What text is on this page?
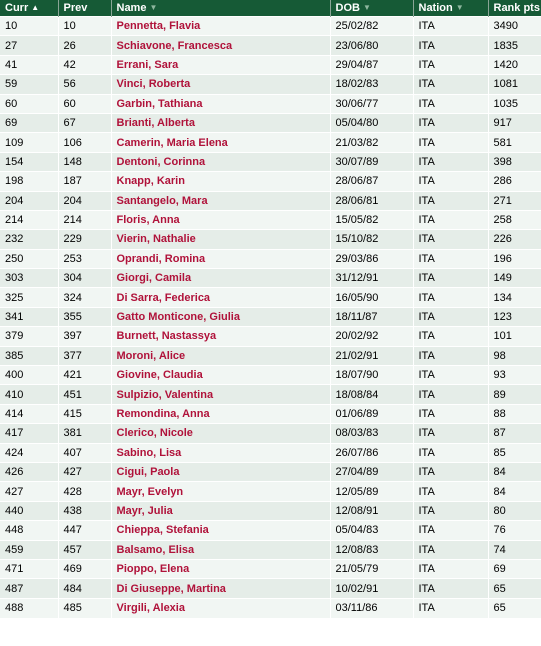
Curr ▲	Prev	Name ▼	DOB ▼	Nation ▼	Rank pts
10	10	Pennetta, Flavia	25/02/82	ITA	3490
27	26	Schiavone, Francesca	23/06/80	ITA	1835
41	42	Errani, Sara	29/04/87	ITA	1420
59	56	Vinci, Roberta	18/02/83	ITA	1081
60	60	Garbin, Tathiana	30/06/77	ITA	1035
69	67	Brianti, Alberta	05/04/80	ITA	917
109	106	Camerin, Maria Elena	21/03/82	ITA	581
154	148	Dentoni, Corinna	30/07/89	ITA	398
198	187	Knapp, Karin	28/06/87	ITA	286
204	204	Santangelo, Mara	28/06/81	ITA	271
214	214	Floris, Anna	15/05/82	ITA	258
232	229	Vierin, Nathalie	15/10/82	ITA	226
250	253	Oprandi, Romina	29/03/86	ITA	196
303	304	Giorgi, Camila	31/12/91	ITA	149
325	324	Di Sarra, Federica	16/05/90	ITA	134
341	355	Gatto Monticone, Giulia	18/11/87	ITA	123
379	397	Burnett, Nastassya	20/02/92	ITA	101
385	377	Moroni, Alice	21/02/91	ITA	98
400	421	Giovine, Claudia	18/07/90	ITA	93
410	451	Sulpizio, Valentina	18/08/84	ITA	89
414	415	Remondina, Anna	01/06/89	ITA	88
417	381	Clerico, Nicole	08/03/83	ITA	87
424	407	Sabino, Lisa	26/07/86	ITA	85
426	427	Cigui, Paola	27/04/89	ITA	84
427	428	Mayr, Evelyn	12/05/89	ITA	84
440	438	Mayr, Julia	12/08/91	ITA	80
448	447	Chieppa, Stefania	05/04/83	ITA	76
459	457	Balsamo, Elisa	12/08/83	ITA	74
471	469	Pioppo, Elena	21/05/79	ITA	69
487	484	Di Giuseppe, Martina	10/02/91	ITA	65
488	485	Virgili, Alexia	03/11/86	ITA	65
